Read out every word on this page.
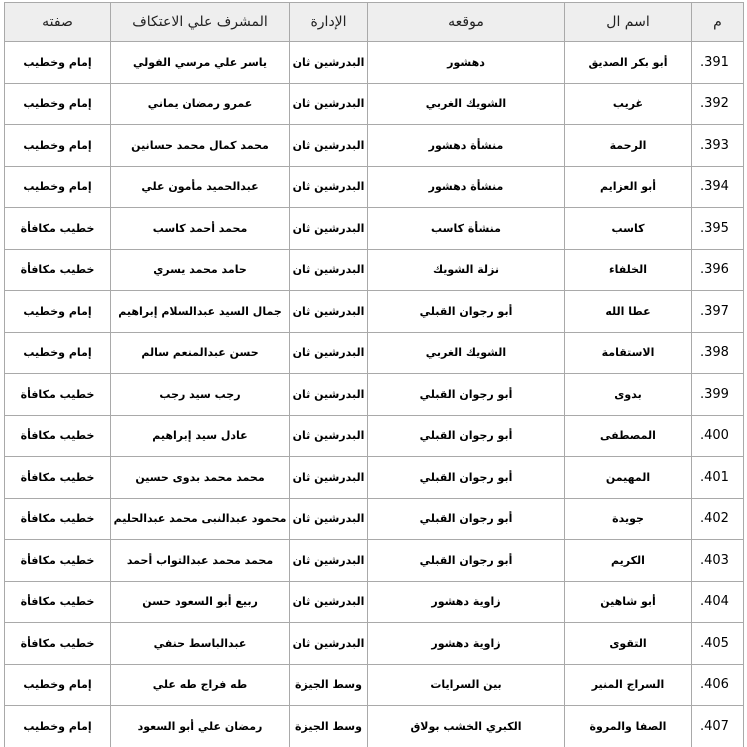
م	اسم ال	موقعه	الإدارة	المشرف علي الاعتكاف	صفته
.391	أبو بكر الصديق	دهشور	البدرشين ثان	ياسر علي مرسي الفولي	إمام وخطيب
.392	غريب	الشويك الغربي	البدرشين ثان	عمرو رمضان يماني	إمام وخطيب
.393	الرحمة	منشأة دهشور	البدرشين ثان	محمد كمال محمد حسانين	إمام وخطيب
.394	أبو العزايم	منشأة دهشور	البدرشين ثان	عبدالحميد مأمون علي	إمام وخطيب
.395	كاسب	منشأة كاسب	البدرشين ثان	محمد أحمد كاسب	خطيب مكافأة
.396	الخلفاء	نزلة الشويك	البدرشين ثان	حامد محمد يسري	خطيب مكافأة
.397	عطا الله	أبو رجوان القبلي	البدرشين ثان	جمال السيد عبدالسلام إبراهيم	إمام وخطيب
.398	الاستقامة	الشويك الغربي	البدرشين ثان	حسن عبدالمنعم سالم	إمام وخطيب
.399	بدوى	أبو رجوان القبلي	البدرشين ثان	رجب سيد رجب	خطيب مكافأة
.400	المصطفى	أبو رجوان القبلي	البدرشين ثان	عادل سيد إبراهيم	خطيب مكافأة
.401	المهيمن	أبو رجوان القبلي	البدرشين ثان	محمد محمد بدوى حسين	خطيب مكافأة
.402	جويدة	أبو رجوان القبلي	البدرشين ثان	محمود عبدالنبى محمد عبدالحليم	خطيب مكافأة
.403	الكريم	أبو رجوان القبلي	البدرشين ثان	محمد محمد عبدالتواب أحمد	خطيب مكافأة
.404	أبو شاهين	زاوية دهشور	البدرشين ثان	ربيع أبو السعود حسن	خطيب مكافأة
.405	التقوى	زاوية دهشور	البدرشين ثان	عبدالباسط حنفي	خطيب مكافأة
.406	السراج المنير	بين السرايات	وسط الجيزة	طه فراج طه علي	إمام وخطيب
.407	الصفا والمروة	الكبري الخشب بولاق	وسط الجيزة	رمضان علي أبو السعود	إمام وخطيب
